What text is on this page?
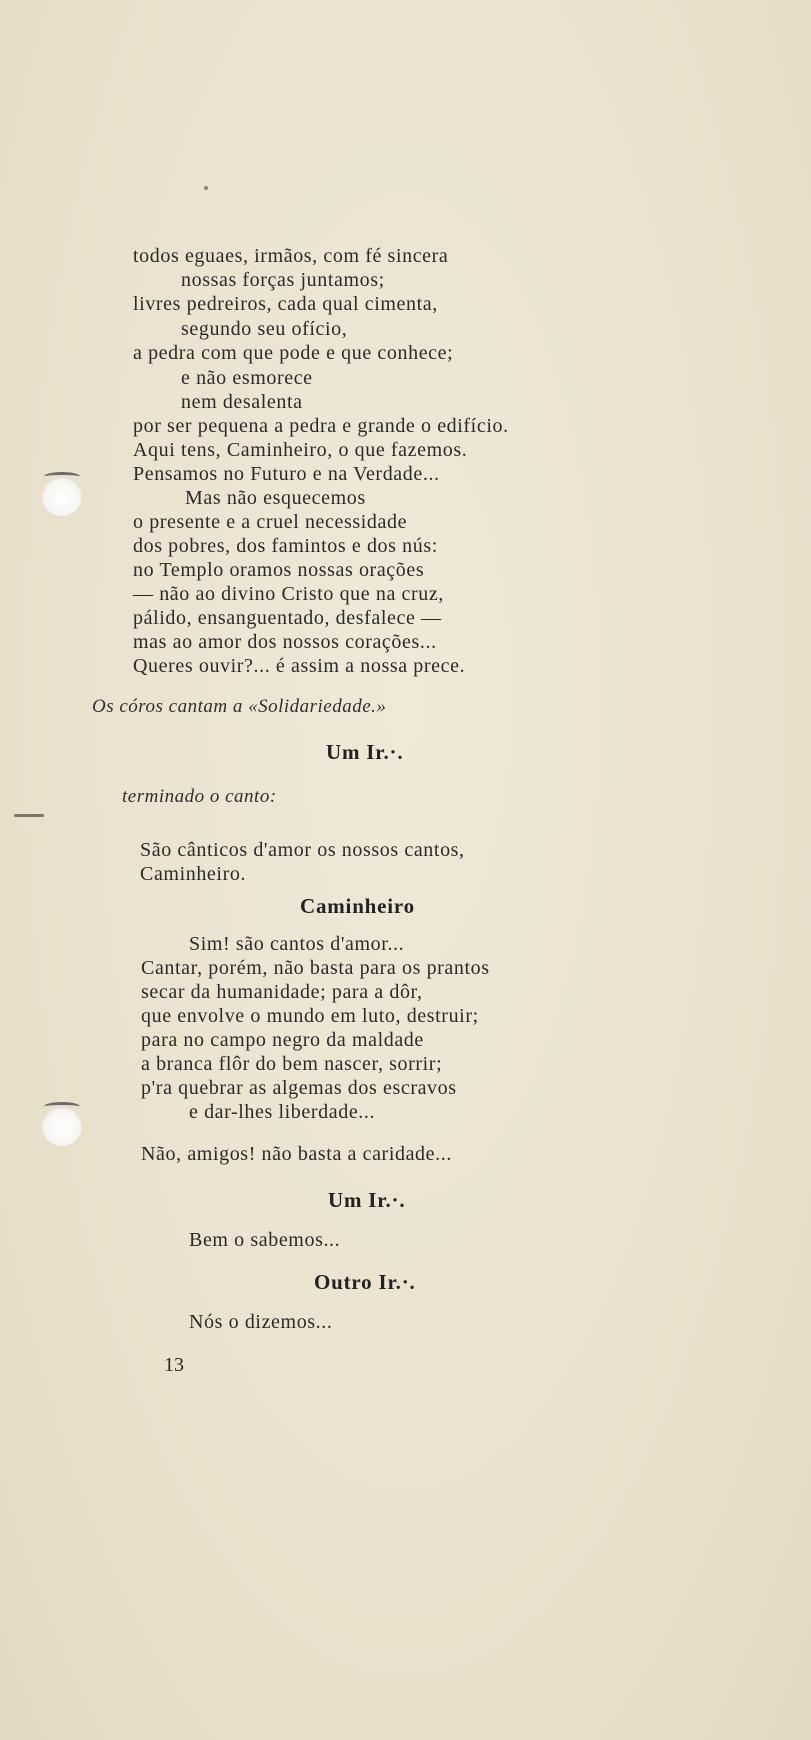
todos eguaes, irmãos, com fé sincera
nossas forças juntamos;
livres pedreiros, cada qual cimenta,
segundo seu ofício,
a pedra com que pode e que conhece;
e não esmorece
nem desalenta
por ser pequena a pedra e grande o edifício.
Aqui tens, Caminheiro, o que fazemos.
Pensamos no Futuro e na Verdade...
Mas não esquecemos
o presente e a cruel necessidade
dos pobres, dos famintos e dos nús:
no Templo oramos nossas orações
— não ao divino Cristo que na cruz,
pálido, ensanguentado, desfalece —
mas ao amor dos nossos corações...
Queres ouvir?... é assim a nossa prece.
Os córos cantam a «Solidariedade.»
Um Ir.·.
terminado o canto:
São cânticos d'amor os nossos cantos,
Caminheiro.
Caminheiro
Sim! são cantos d'amor...
Cantar, porém, não basta para os prantos
secar da humanidade; para a dôr,
que envolve o mundo em luto, destruir;
para no campo negro da maldade
a branca flôr do bem nascer, sorrir;
p'ra quebrar as algemas dos escravos
e dar-lhes liberdade...
Não, amigos! não basta a caridade...
Um Ir.·.
Bem o sabemos...
Outro Ir.·.
Nós o dizemos...
13
